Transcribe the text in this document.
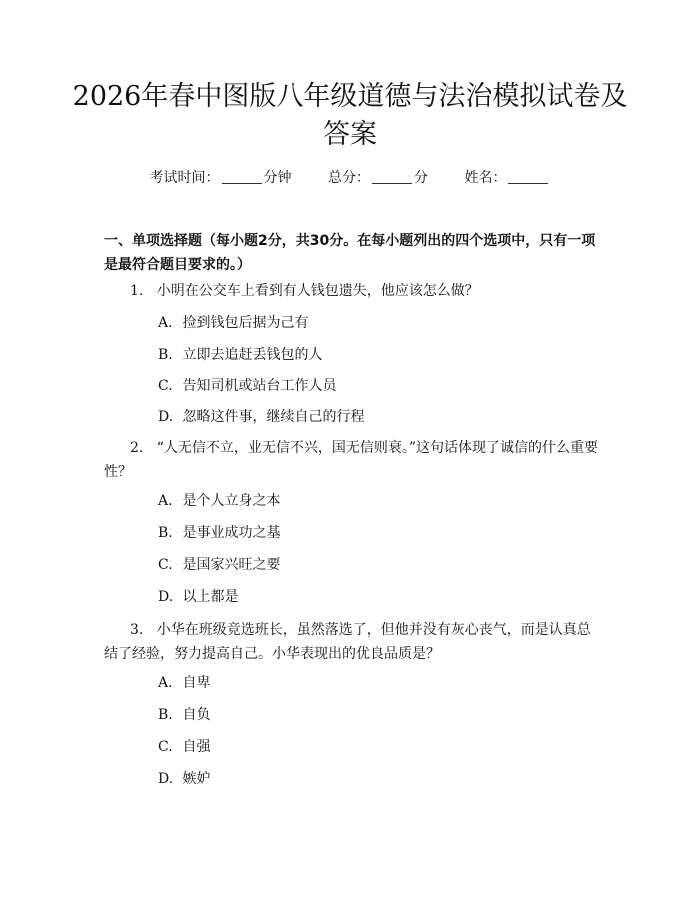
2026年春中图版八年级道德与法治模拟试卷及答案
考试时间：	分钟	总分：	分	姓名：

一、单项选择题（每小题2分，共30分。在每小题列出的四个选项中，只有一项是最符合题目要求的。）

1. 小明在公交车上看到有人钱包遗失，他应该怎么做？

A. 捡到钱包后据为己有
B. 立即去追赶丢钱包的人
C. 告知司机或站台工作人员
D. 忽略这件事，继续自己的行程

2. “人无信不立，业无信不兴，国无信则衰。”这句话体现了诚信的什么重要性？

A. 是个人立身之本
B. 是事业成功之基
C. 是国家兴旺之要
D. 以上都是

3. 小华在班级竞选班长，虽然落选了，但他并没有灰心丧气，而是认真总结了经验，努力提高自己。小华表现出的优良品质是？

A. 自卑
B. 自负
C. 自强
D. 嫉妒
